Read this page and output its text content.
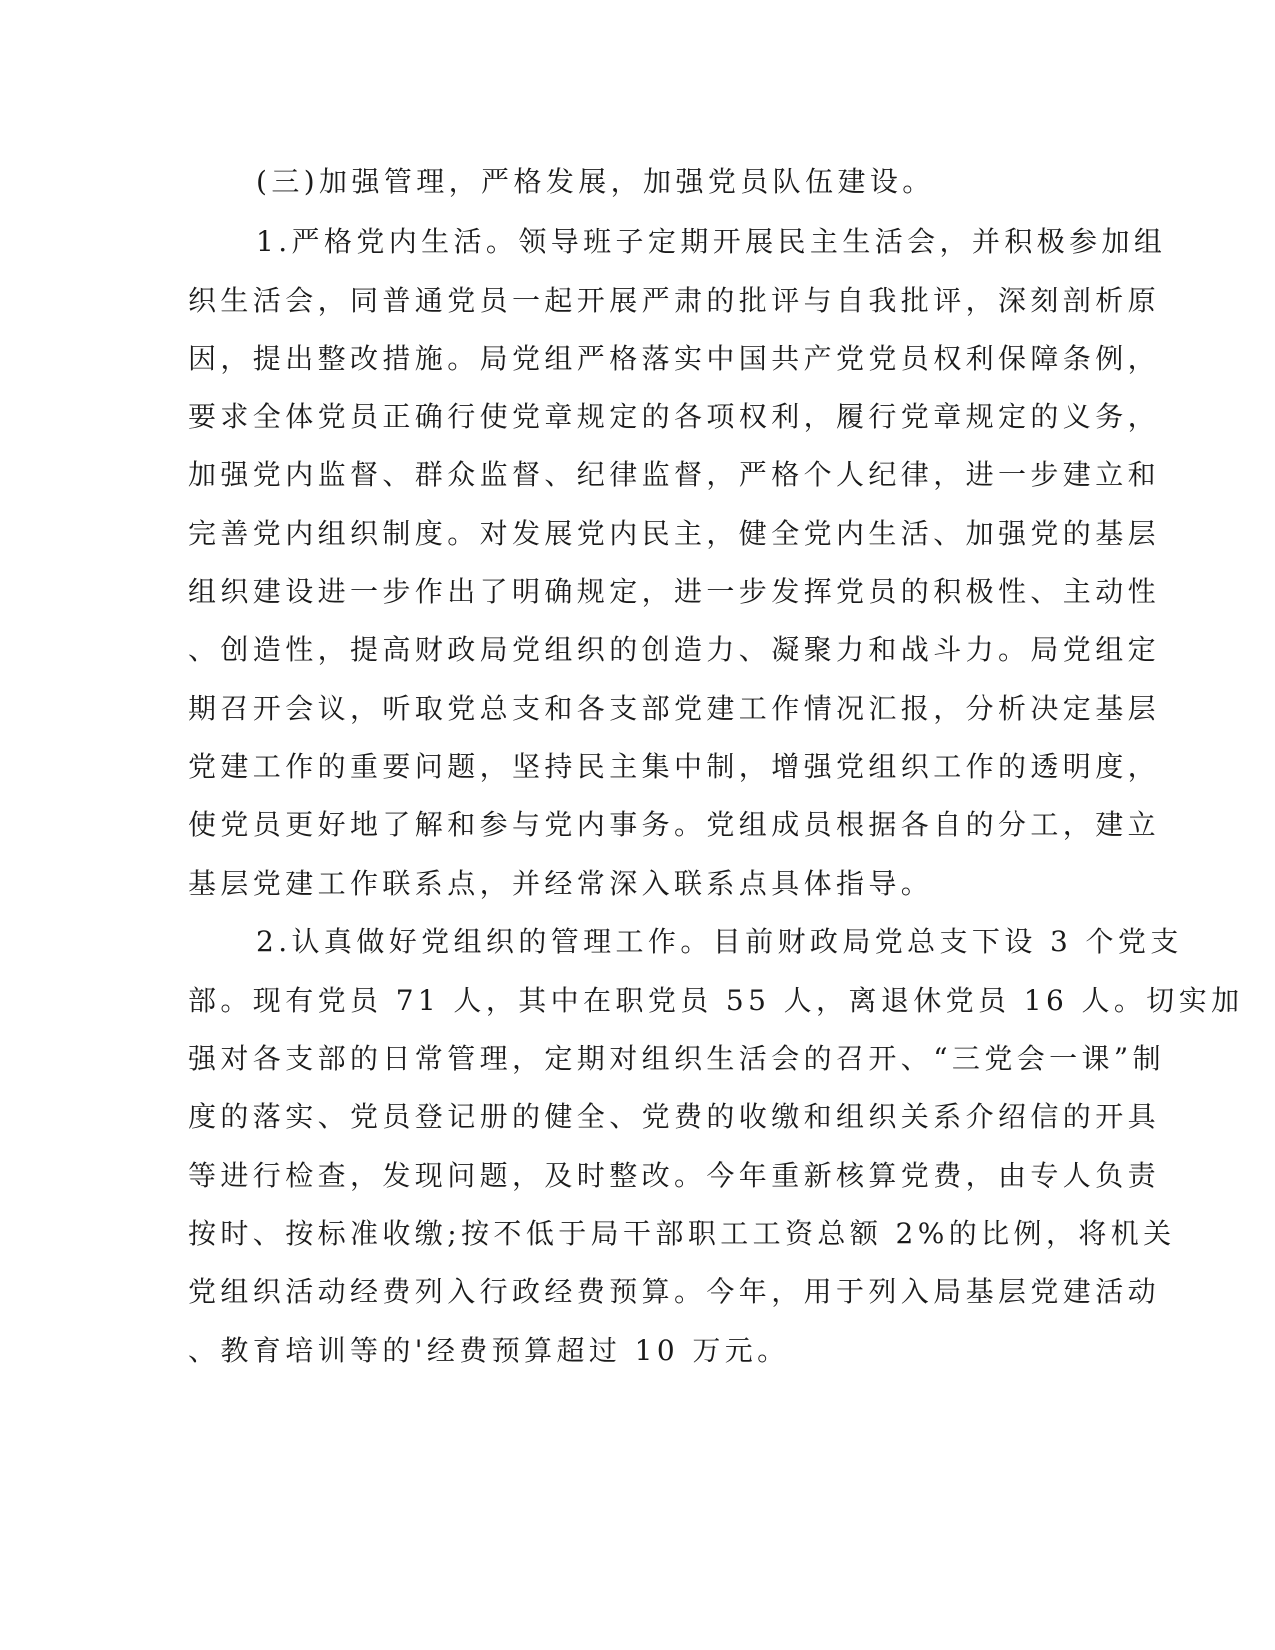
(三)加强管理，严格发展，加强党员队伍建设。
1.严格党内生活。领导班子定期开展民主生活会，并积极参加组
织生活会，同普通党员一起开展严肃的批评与自我批评，深刻剖析原
因，提出整改措施。局党组严格落实中国共产党党员权利保障条例，
要求全体党员正确行使党章规定的各项权利，履行党章规定的义务，
加强党内监督、群众监督、纪律监督，严格个人纪律，进一步建立和
完善党内组织制度。对发展党内民主，健全党内生活、加强党的基层
组织建设进一步作出了明确规定，进一步发挥党员的积极性、主动性
、创造性，提高财政局党组织的创造力、凝聚力和战斗力。局党组定
期召开会议，听取党总支和各支部党建工作情况汇报，分析决定基层
党建工作的重要问题，坚持民主集中制，增强党组织工作的透明度，
使党员更好地了解和参与党内事务。党组成员根据各自的分工，建立
基层党建工作联系点，并经常深入联系点具体指导。
2.认真做好党组织的管理工作。目前财政局党总支下设 3 个党支
部。现有党员 71 人，其中在职党员 55 人，离退休党员 16 人。切实加
强对各支部的日常管理，定期对组织生活会的召开、“三党会一课”制
度的落实、党员登记册的健全、党费的收缴和组织关系介绍信的开具
等进行检查，发现问题，及时整改。今年重新核算党费，由专人负责
按时、按标准收缴;按不低于局干部职工工资总额 2%的比例，将机关
党组织活动经费列入行政经费预算。今年，用于列入局基层党建活动
、教育培训等的'经费预算超过 10 万元。
